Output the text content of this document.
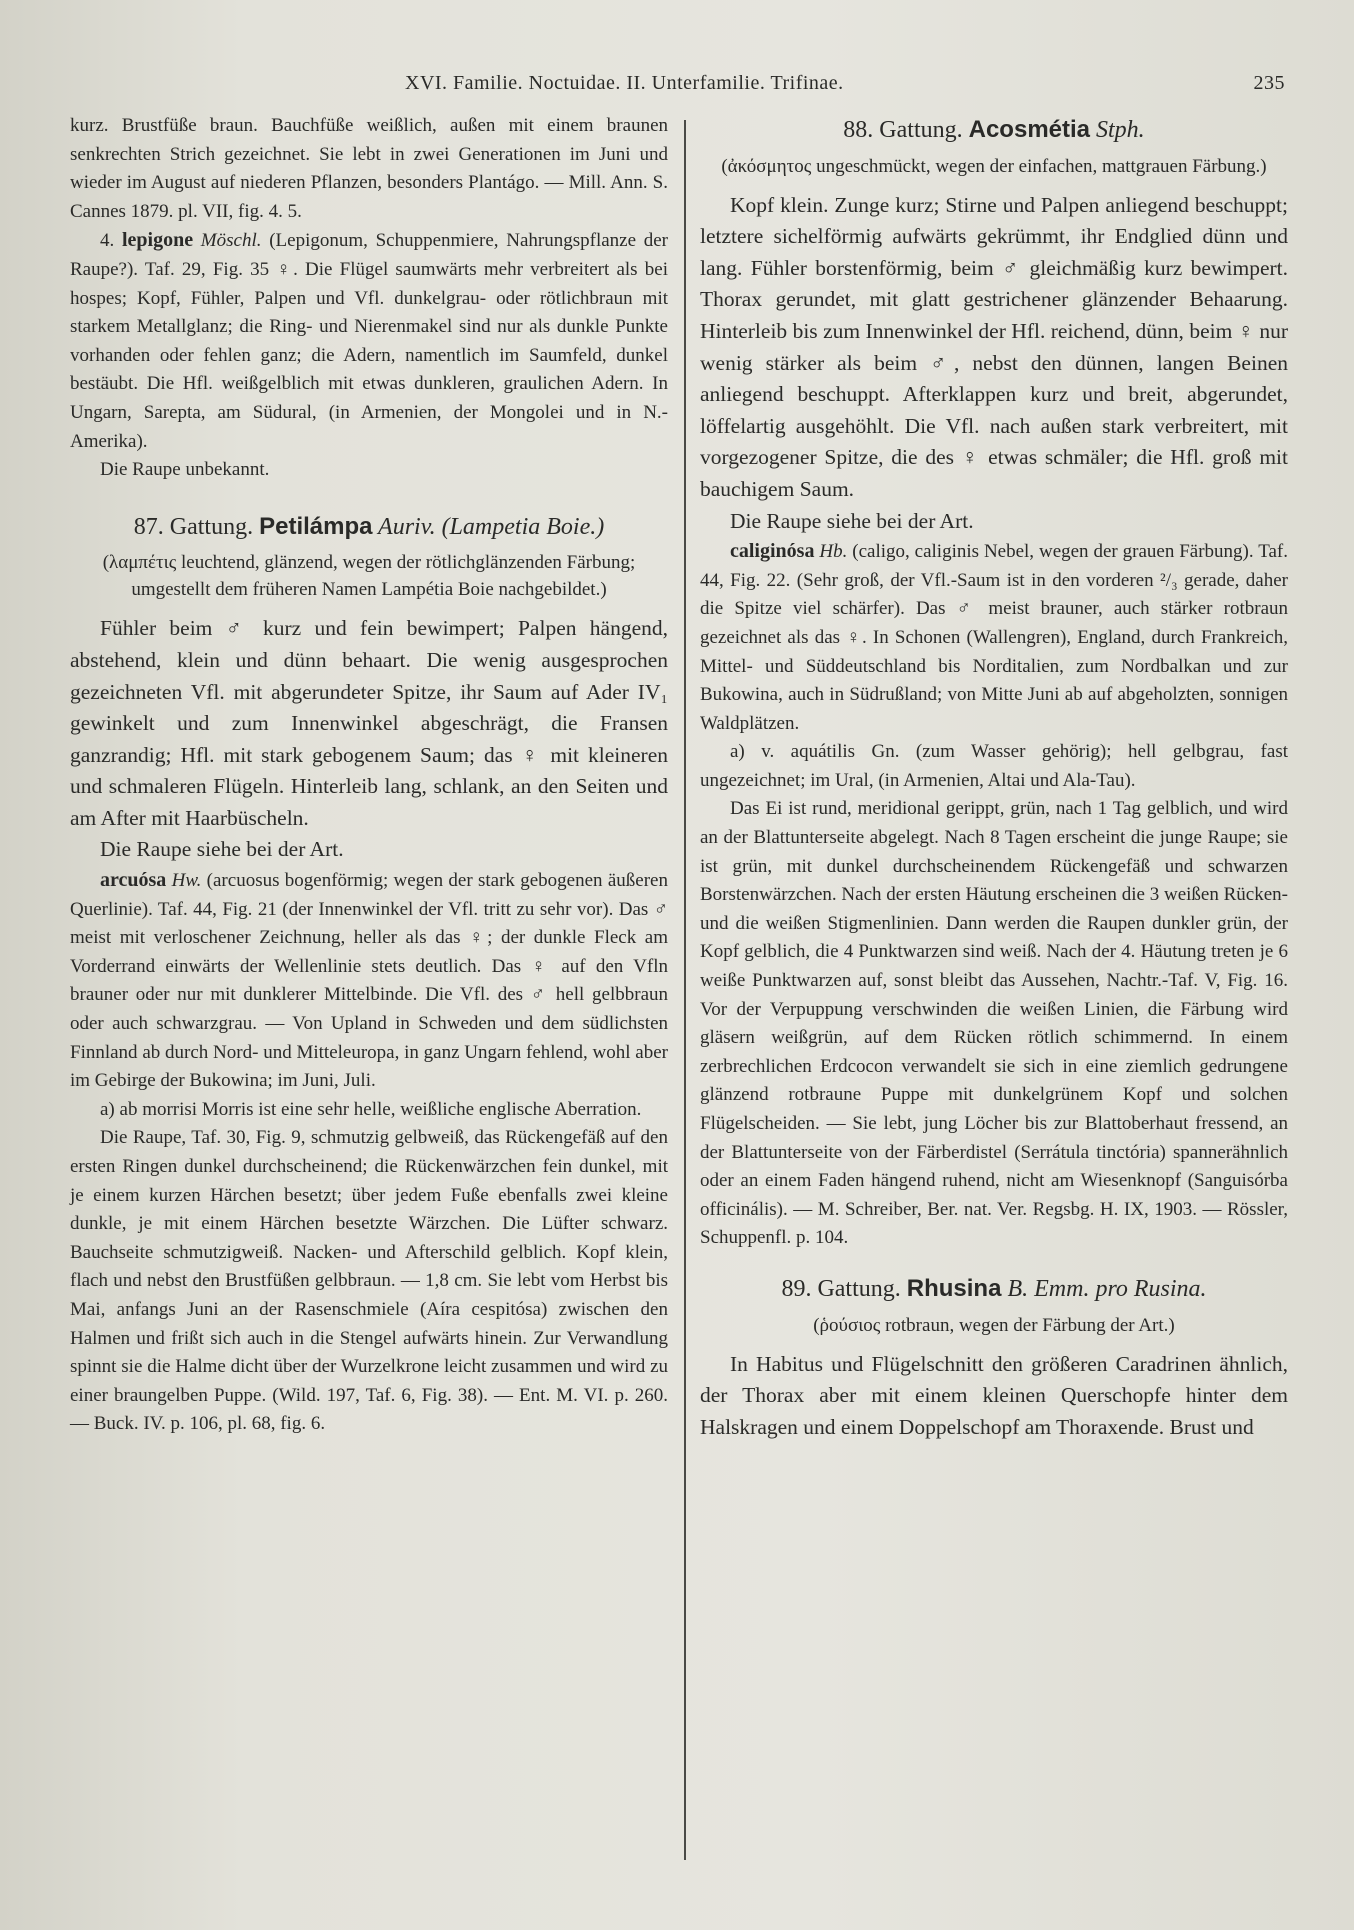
XVI. Familie. Noctuidae. II. Unterfamilie. Trifinae.	235

kurz. Brustfüße braun. Bauchfüße weißlich, außen mit einem braunen senkrechten Strich gezeichnet. Sie lebt in zwei Generationen im Juni und wieder im August auf niederen Pflanzen, besonders Plantágo. — Mill. Ann. S. Cannes 1879. pl. VII, fig. 4. 5.

4. lepigone Möschl. (Lepigonum, Schuppenmiere, Nahrungspflanze der Raupe?). Taf. 29, Fig. 35 ♀. Die Flügel saumwärts mehr verbreitert als bei hospes; Kopf, Fühler, Palpen und Vfl. dunkelgrau- oder rötlichbraun mit starkem Metallglanz; die Ring- und Nierenmakel sind nur als dunkle Punkte vorhanden oder fehlen ganz; die Adern, namentlich im Saumfeld, dunkel bestäubt. Die Hfl. weißgelblich mit etwas dunkleren, graulichen Adern. In Ungarn, Sarepta, am Südural, (in Armenien, der Mongolei und in N.-Amerika).

Die Raupe unbekannt.

87. Gattung. Petilámpa Auriv. (Lampetia Boie.)

(λαμπέτις leuchtend, glänzend, wegen der rötlichglänzenden Färbung; umgestellt dem früheren Namen Lampétia Boie nachgebildet.)

Fühler beim ♂ kurz und fein bewimpert; Palpen hängend, abstehend, klein und dünn behaart. Die wenig ausgesprochen gezeichneten Vfl. mit abgerundeter Spitze, ihr Saum auf Ader IV₁ gewinkelt und zum Innenwinkel abgeschrägt, die Fransen ganzrandig; Hfl. mit stark gebogenem Saum; das ♀ mit kleineren und schmaleren Flügeln. Hinterleib lang, schlank, an den Seiten und am After mit Haarbüscheln.

Die Raupe siehe bei der Art.

arcuósa Hw. (arcuosus bogenförmig; wegen der stark gebogenen äußeren Querlinie). Taf. 44, Fig. 21 (der Innenwinkel der Vfl. tritt zu sehr vor). Das ♂ meist mit verloschener Zeichnung, heller als das ♀; der dunkle Fleck am Vorderrand einwärts der Wellenlinie stets deutlich. Das ♀ auf den Vfln brauner oder nur mit dunklerer Mittelbinde. Die Vfl. des ♂ hell gelbbraun oder auch schwarzgrau. — Von Upland in Schweden und dem südlichsten Finnland ab durch Nord- und Mitteleuropa, in ganz Ungarn fehlend, wohl aber im Gebirge der Bukowina; im Juni, Juli.

a) ab morrisi Morris ist eine sehr helle, weißliche englische Aberration.

Die Raupe, Taf. 30, Fig. 9, schmutzig gelbweiß, das Rückengefäß auf den ersten Ringen dunkel durchscheinend; die Rückenwärzchen fein dunkel, mit je einem kurzen Härchen besetzt; über jedem Fuße ebenfalls zwei kleine dunkle, je mit einem Härchen besetzte Wärzchen. Die Lüfter schwarz. Bauchseite schmutzigweiß. Nacken- und Afterschild gelblich. Kopf klein, flach und nebst den Brustfüßen gelbbraun. — 1,8 cm. Sie lebt vom Herbst bis Mai, anfangs Juni an der Rasenschmiele (Aíra cespitósa) zwischen den Halmen und frißt sich auch in die Stengel aufwärts hinein. Zur Verwandlung spinnt sie die Halme dicht über der Wurzelkrone leicht zusammen und wird zu einer braungelben Puppe. (Wild. 197, Taf. 6, Fig. 38). — Ent. M. VI. p. 260. — Buck. IV. p. 106, pl. 68, fig. 6.

88. Gattung. Acosmétia Stph.

(ἀκόσμητος ungeschmückt, wegen der einfachen, mattgrauen Färbung.)

Kopf klein. Zunge kurz; Stirne und Palpen anliegend beschuppt; letztere sichelförmig aufwärts gekrümmt, ihr Endglied dünn und lang. Fühler borstenförmig, beim ♂ gleichmäßig kurz bewimpert. Thorax gerundet, mit glatt gestrichener glänzender Behaarung. Hinterleib bis zum Innenwinkel der Hfl. reichend, dünn, beim ♀ nur wenig stärker als beim ♂, nebst den dünnen, langen Beinen anliegend beschuppt. Afterklappen kurz und breit, abgerundet, löffelartig ausgehöhlt. Die Vfl. nach außen stark verbreitert, mit vorgezogener Spitze, die des ♀ etwas schmäler; die Hfl. groß mit bauchigem Saum.

Die Raupe siehe bei der Art.

caliginósa Hb. (caligo, caliginis Nebel, wegen der grauen Färbung). Taf. 44, Fig. 22. (Sehr groß, der Vfl.-Saum ist in den vorderen ²/₃ gerade, daher die Spitze viel schärfer). Das ♂ meist brauner, auch stärker rotbraun gezeichnet als das ♀. In Schonen (Wallengren), England, durch Frankreich, Mittel- und Süddeutschland bis Norditalien, zum Nordbalkan und zur Bukowina, auch in Südrußland; von Mitte Juni ab auf abgeholzten, sonnigen Waldplätzen.

a) v. aquátilis Gn. (zum Wasser gehörig); hell gelbgrau, fast ungezeichnet; im Ural, (in Armenien, Altai und Ala-Tau).

Das Ei ist rund, meridional gerippt, grün, nach 1 Tag gelblich, und wird an der Blattunterseite abgelegt. Nach 8 Tagen erscheint die junge Raupe; sie ist grün, mit dunkel durchscheinendem Rückengefäß und schwarzen Borstenwärzchen. Nach der ersten Häutung erscheinen die 3 weißen Rücken- und die weißen Stigmenlinien. Dann werden die Raupen dunkler grün, der Kopf gelblich, die 4 Punktwarzen sind weiß. Nach der 4. Häutung treten je 6 weiße Punktwarzen auf, sonst bleibt das Aussehen, Nachtr.-Taf. V, Fig. 16. Vor der Verpuppung verschwinden die weißen Linien, die Färbung wird gläsern weißgrün, auf dem Rücken rötlich schimmernd. In einem zerbrechlichen Erdcocon verwandelt sie sich in eine ziemlich gedrungene glänzend rotbraune Puppe mit dunkelgrünem Kopf und solchen Flügelscheiden. — Sie lebt, jung Löcher bis zur Blattoberhaut fressend, an der Blattunterseite von der Färberdistel (Serrátula tinctória) spannerähnlich oder an einem Faden hängend ruhend, nicht am Wiesenknopf (Sanguisórba officinális). — M. Schreiber, Ber. nat. Ver. Regsbg. H. IX, 1903. — Rössler, Schuppenfl. p. 104.

89. Gattung. Rhusina B. Emm. pro Rusina.

(ῥούσιος rotbraun, wegen der Färbung der Art.)

In Habitus und Flügelschnitt den größeren Caradrinen ähnlich, der Thorax aber mit einem kleinen Querschopfe hinter dem Halskragen und einem Doppelschopf am Thoraxende. Brust und
